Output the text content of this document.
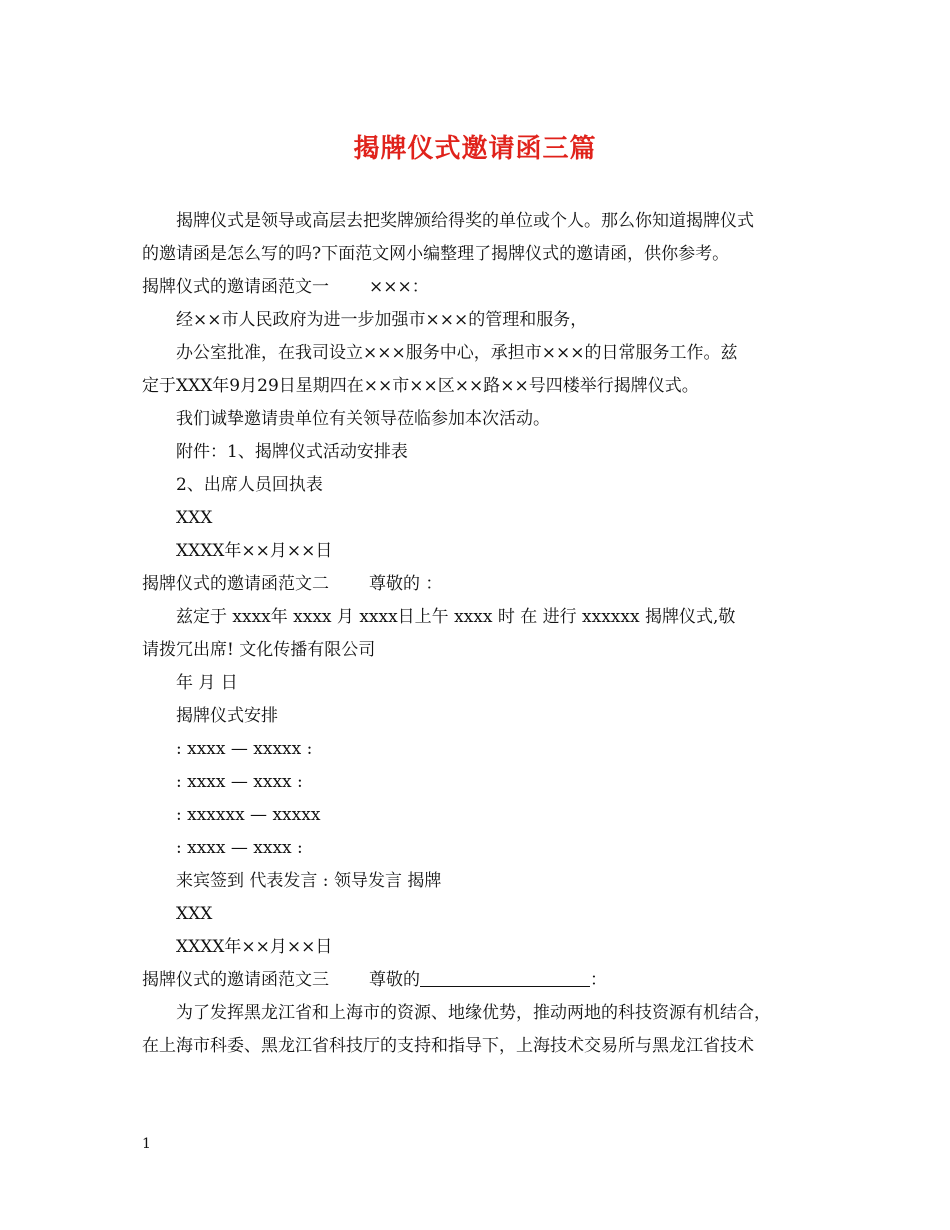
揭牌仪式邀请函三篇
揭牌仪式是领导或高层去把奖牌颁给得奖的单位或个人。那么你知道揭牌仪式
的邀请函是怎么写的吗?下面范文网小编整理了揭牌仪式的邀请函，供你参考。
揭牌仪式的邀请函范文一 ×××：
经××市人民政府为进一步加强市×××的管理和服务，
办公室批准，在我司设立×××服务中心，承担市×××的日常服务工作。兹
定于XXX年9月29日星期四在××市××区××路××号四楼举行揭牌仪式。
我们诚挚邀请贵单位有关领导莅临参加本次活动。
附件：1、揭牌仪式活动安排表
2、出席人员回执表
XXX
XXXX年××月××日
揭牌仪式的邀请函范文二 尊敬的 ：
兹定于 xxxx年 xxxx 月 xxxx日上午 xxxx 时 在 进行 xxxxxx 揭牌仪式,敬
请拨冗出席! 文化传播有限公司
年 月 日
揭牌仪式安排
: xxxx — xxxxx :
: xxxx — xxxx :
: xxxxxx — xxxxx
: xxxx — xxxx :
来宾签到 代表发言 : 领导发言 揭牌
XXX
XXXX年××月××日
揭牌仪式的邀请函范文三 尊敬的	：
为了发挥黑龙江省和上海市的资源、地缘优势，推动两地的科技资源有机结合，
在上海市科委、黑龙江省科技厅的支持和指导下，上海技术交易所与黑龙江省技术
1
